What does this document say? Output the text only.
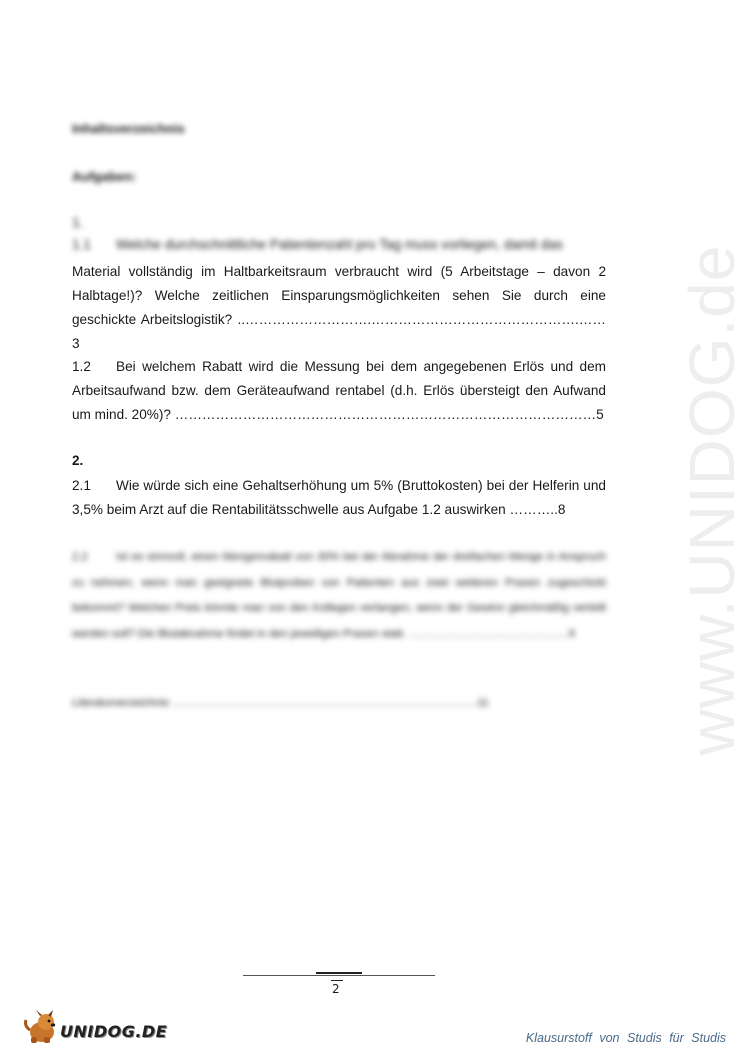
www.UNIDOG.de
Inhaltsverzeichnis
Aufgaben:
1.
1.1 Welche durchschnittliche Patientenzahl pro Tag muss vorliegen, damit das
Material vollständig im Haltbarkeitsraum verbraucht wird (5 Arbeitstage – davon 2 Halbtage!)? Welche zeitlichen Einsparungsmöglichkeiten sehen Sie durch eine geschickte Arbeitslogistik? ..……………………….……………………………………….……3
1.2 Bei welchem Rabatt wird die Messung bei dem angegebenen Erlös und dem Arbeitsaufwand bzw. dem Geräteaufwand rentabel (d.h. Erlös übersteigt den Aufwand um mind. 20%)? …………………………………………………………………………………5
2.
2.1 Wie würde sich eine Gehaltserhöhung um 5% (Bruttokosten) bei der Helferin und 3,5% beim Arzt auf die Rentabilitätsschwelle aus Aufgabe 1.2 auswirken ………..8
2.2	Ist es sinnvoll, einen Mengenrabatt von 30% bei der Abnahme der dreifachen Menge in Anspruch zu nehmen, wenn man geeignete Blutproben von Patienten aus zwei weiteren Praxen zugeschickt bekommt? Welchen Preis könnte man von den Kollegen verlangen, wenn der Gewinn gleichmäßig verteilt werden soll? Die Blutabnahme findet in den jeweiligen Praxen statt. …………………………………….9
Literaturverzeichnis ……………………………………………………………………….11
2
UNIDOG.DE	Klausurstoff von Studis für Studis
